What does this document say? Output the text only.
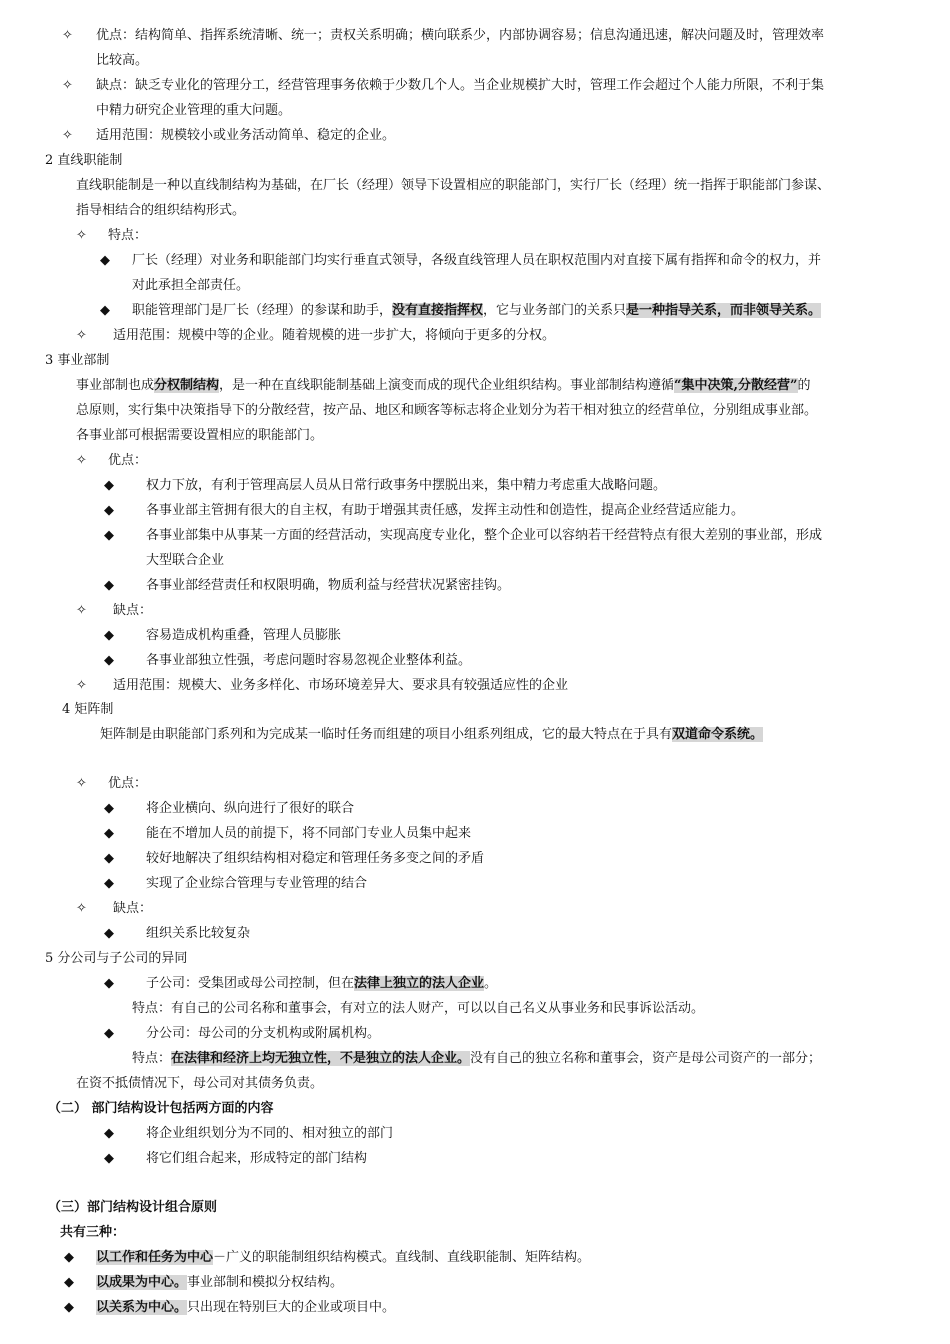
✧ 优点：结构简单、指挥系统清晰、统一；责权关系明确；横向联系少，内部协调容易；信息沟通迅速，解决问题及时，管理效率
比较高。
✧ 缺点：缺乏专业化的管理分工，经营管理事务依赖于少数几个人。当企业规模扩大时，管理工作会超过个人能力所限，不利于集
中精力研究企业管理的重大问题。
✧ 适用范围：规模较小或业务活动简单、稳定的企业。
2 直线职能制
直线职能制是一种以直线制结构为基础，在厂长（经理）领导下设置相应的职能部门，实行厂长（经理）统一指挥于职能部门参谋、
指导相结合的组织结构形式。
✧ 特点：
◆ 厂长（经理）对业务和职能部门均实行垂直式领导，各级直线管理人员在职权范围内对直接下属有指挥和命令的权力，并
对此承担全部责任。
◆ 职能管理部门是厂长（经理）的参谋和助手，没有直接指挥权，它与业务部门的关系只是一种指导关系，而非领导关系。
✧ 适用范围：规模中等的企业。随着规模的进一步扩大，将倾向于更多的分权。
3 事业部制
事业部制也成分权制结构，是一种在直线职能制基础上演变而成的现代企业组织结构。事业部制结构遵循“集中决策,分散经营”的
总原则，实行集中决策指导下的分散经营，按产品、地区和顾客等标志将企业划分为若干相对独立的经营单位，分别组成事业部。
各事业部可根据需要设置相应的职能部门。
✧ 优点：
◆ 权力下放，有利于管理高层人员从日常行政事务中摆脱出来，集中精力考虑重大战略问题。
◆ 各事业部主管拥有很大的自主权，有助于增强其责任感，发挥主动性和创造性，提高企业经营适应能力。
◆ 各事业部集中从事某一方面的经营活动，实现高度专业化，整个企业可以容纳若干经营特点有很大差别的事业部，形成
大型联合企业
◆ 各事业部经营责任和权限明确，物质利益与经营状况紧密挂钩。
✧ 缺点：
◆ 容易造成机构重叠，管理人员膨胀
◆ 各事业部独立性强，考虑问题时容易忽视企业整体利益。
✧ 适用范围：规模大、业务多样化、市场环境差异大、要求具有较强适应性的企业
4 矩阵制
矩阵制是由职能部门系列和为完成某一临时任务而组建的项目小组系列组成，它的最大特点在于具有双道命令系统。
✧ 优点：
◆ 将企业横向、纵向进行了很好的联合
◆ 能在不增加人员的前提下，将不同部门专业人员集中起来
◆ 较好地解决了组织结构相对稳定和管理任务多变之间的矛盾
◆ 实现了企业综合管理与专业管理的结合
✧ 缺点：
◆ 组织关系比较复杂
5 分公司与子公司的异同
◆ 子公司：受集团或母公司控制，但在法律上独立的法人企业。
特点：有自己的公司名称和董事会，有对立的法人财产，可以以自己名义从事业务和民事诉讼活动。
◆ 分公司：母公司的分支机构或附属机构。
特点：在法律和经济上均无独立性，不是独立的法人企业。没有自己的独立名称和董事会，资产是母公司资产的一部分；
在资不抵债情况下，母公司对其债务负责。
（二） 部门结构设计包括两方面的内容
◆ 将企业组织划分为不同的、相对独立的部门
◆ 将它们组合起来，形成特定的部门结构
（三）部门结构设计组合原则
共有三种：
◆ 以工作和任务为中心－广义的职能制组织结构模式。直线制、直线职能制、矩阵结构。
◆ 以成果为中心。事业部制和模拟分权结构。
◆ 以关系为中心。只出现在特别巨大的企业或项目中。
